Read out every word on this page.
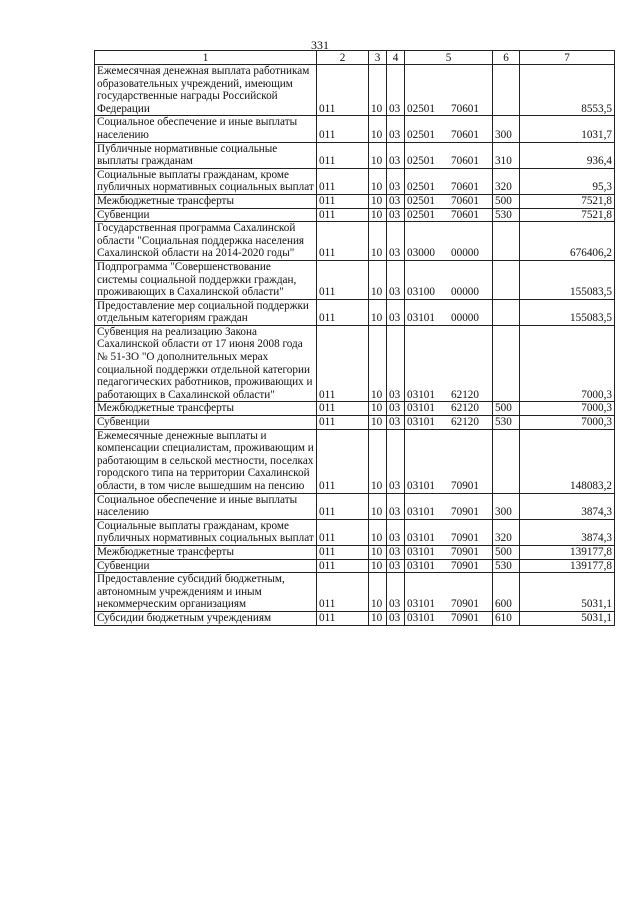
331
1	2	3	4	5	6	7
Ежемесячная денежная выплата работникам образовательных учреждений, имеющим государственные награды Российской Федерации	011	10	03	02501 70601		8553,5
Социальное обеспечение и иные выплаты населению	011	10	03	02501 70601	300	1031,7
Публичные нормативные социальные выплаты гражданам	011	10	03	02501 70601	310	936,4
Социальные выплаты гражданам, кроме публичных нормативных социальных выплат	011	10	03	02501 70601	320	95,3
Межбюджетные трансферты	011	10	03	02501 70601	500	7521,8
Субвенции	011	10	03	02501 70601	530	7521,8
Государственная программа Сахалинской области "Социальная поддержка населения Сахалинской области на 2014-2020 годы"	011	10	03	03000 00000		676406,2
Подпрограмма "Совершенствование системы социальной поддержки граждан, проживающих в Сахалинской области"	011	10	03	03100 00000		155083,5
Предоставление мер социальной поддержки отдельным категориям граждан	011	10	03	03101 00000		155083,5
Субвенция на реализацию Закона Сахалинской области от 17 июня 2008 года № 51-ЗО "О дополнительных мерах социальной поддержки отдельной категории педагогических работников, проживающих и работающих в Сахалинской области"	011	10	03	03101 62120		7000,3
Межбюджетные трансферты	011	10	03	03101 62120	500	7000,3
Субвенции	011	10	03	03101 62120	530	7000,3
Ежемесячные денежные выплаты и компенсации специалистам, проживающим и работающим в сельской местности, поселках городского типа на территории Сахалинской области, в том числе вышедшим на пенсию	011	10	03	03101 70901		148083,2
Социальное обеспечение и иные выплаты населению	011	10	03	03101 70901	300	3874,3
Социальные выплаты гражданам, кроме публичных нормативных социальных выплат	011	10	03	03101 70901	320	3874,3
Межбюджетные трансферты	011	10	03	03101 70901	500	139177,8
Субвенции	011	10	03	03101 70901	530	139177,8
Предоставление субсидий бюджетным, автономным учреждениям и иным некоммерческим организациям	011	10	03	03101 70901	600	5031,1
Субсидии бюджетным учреждениям	011	10	03	03101 70901	610	5031,1
